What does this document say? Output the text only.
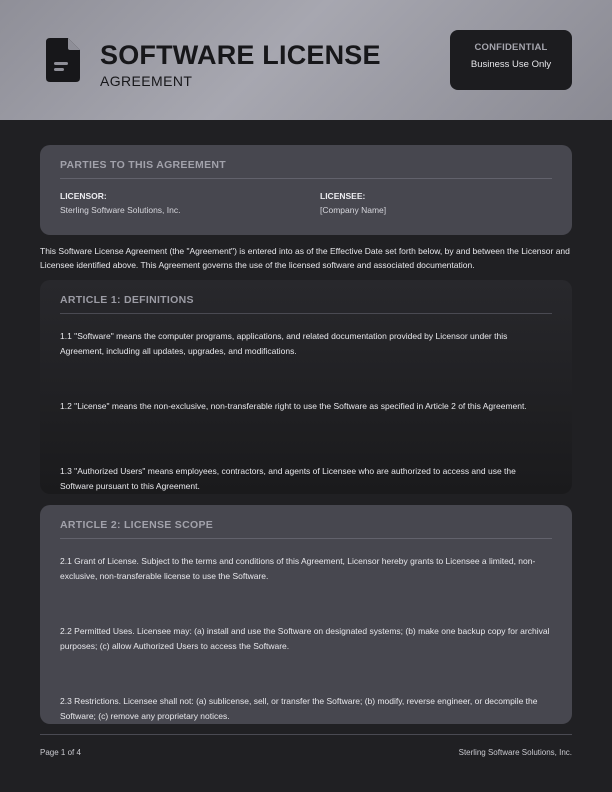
SOFTWARE LICENSE
AGREEMENT
CONFIDENTIAL
Business Use Only
PARTIES TO THIS AGREEMENT
LICENSOR:
Sterling Software Solutions, Inc.
LICENSEE:
[Company Name]
This Software License Agreement (the "Agreement") is entered into as of the Effective Date set forth below, by and between the Licensor and Licensee identified above. This Agreement governs the use of the licensed software and associated documentation.
ARTICLE 1: DEFINITIONS
1.1 "Software" means the computer programs, applications, and related documentation provided by Licensor under this Agreement, including all updates, upgrades, and modifications.
1.2 "License" means the non-exclusive, non-transferable right to use the Software as specified in Article 2 of this Agreement.
1.3 "Authorized Users" means employees, contractors, and agents of Licensee who are authorized to access and use the Software pursuant to this Agreement.
ARTICLE 2: LICENSE SCOPE
2.1 Grant of License. Subject to the terms and conditions of this Agreement, Licensor hereby grants to Licensee a limited, non-exclusive, non-transferable license to use the Software.
2.2 Permitted Uses. Licensee may: (a) install and use the Software on designated systems; (b) make one backup copy for archival purposes; (c) allow Authorized Users to access the Software.
2.3 Restrictions. Licensee shall not: (a) sublicense, sell, or transfer the Software; (b) modify, reverse engineer, or decompile the Software; (c) remove any proprietary notices.
Page 1 of 4	Sterling Software Solutions, Inc.
